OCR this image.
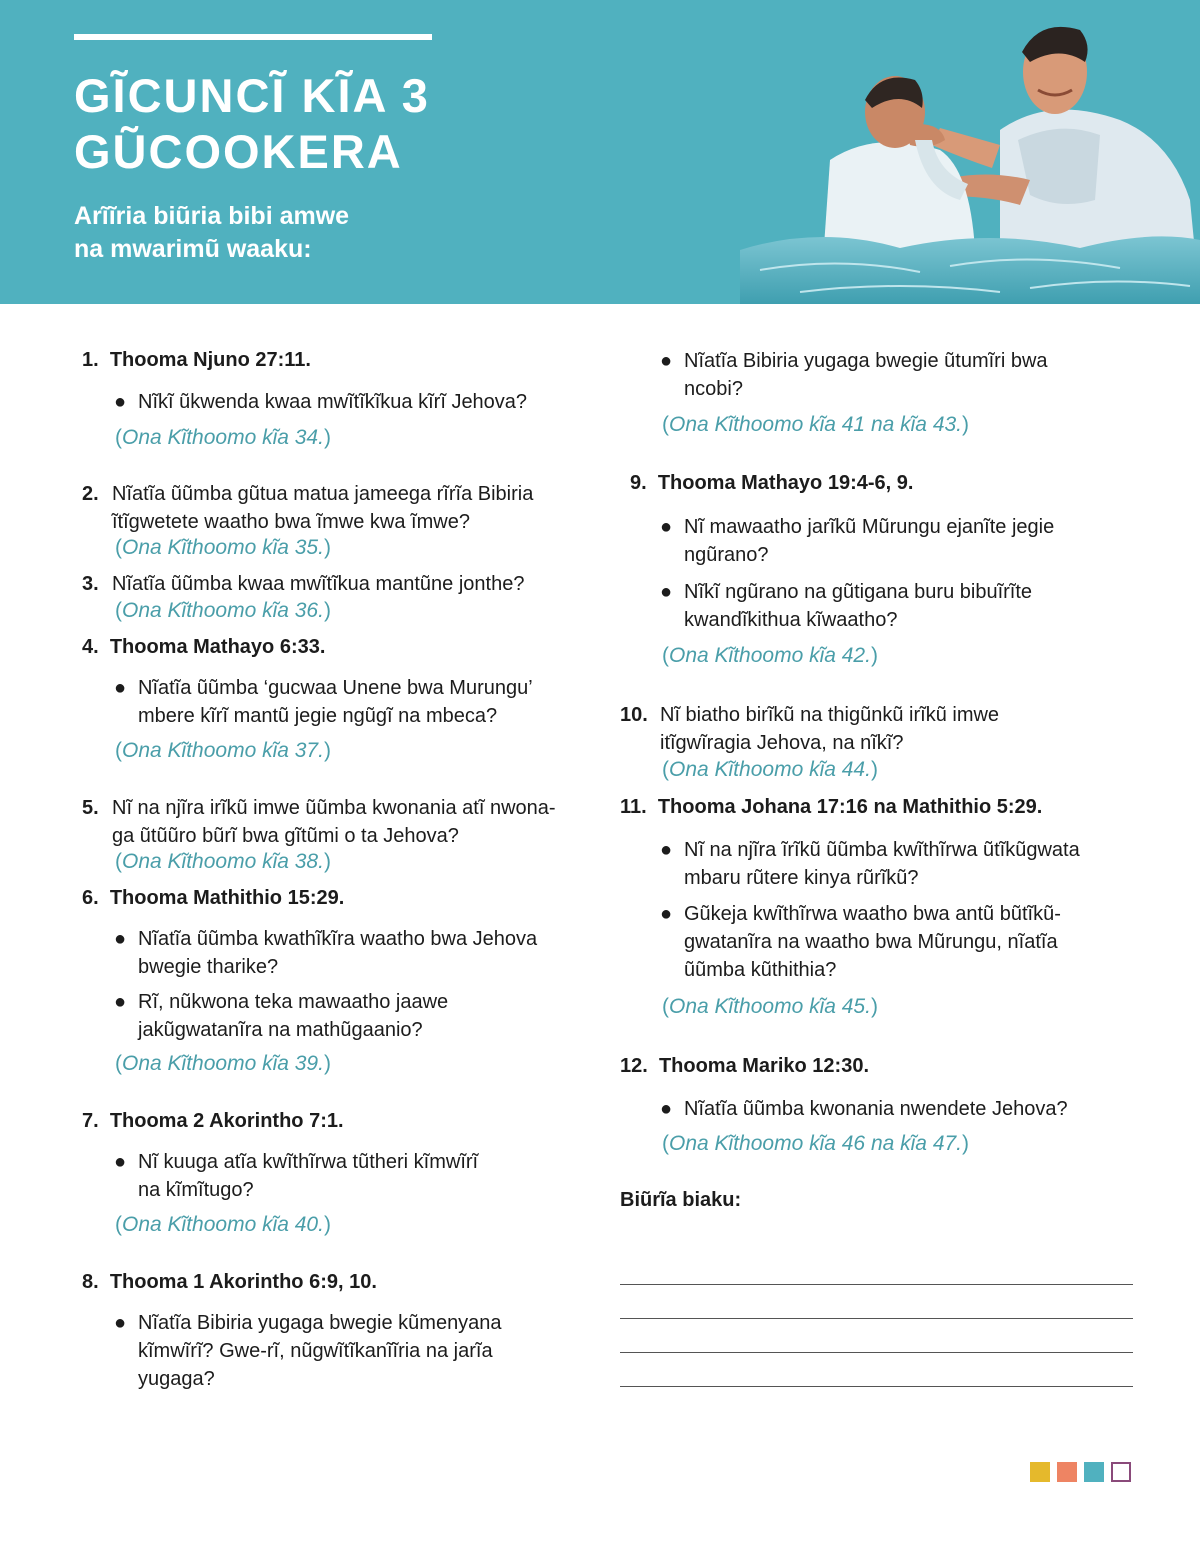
GĨCUNCĨ KĨA 3
GŨCOOKERA
Arĩĩria biũria bibi amwe
na mwarimũ waaku:
1. Thooma Njuno 27:11.
● Nĩkĩ ũkwenda kwaa mwĩtĩkĩkua kĩrĩ Jehova?
(Ona Kĩthoomo kĩa 34.)
2. Nĩatĩa ũũmba gũtua matua jameega rĩrĩa Bibiria
ĩtĩgwetete waatho bwa ĩmwe kwa ĩmwe?
(Ona Kĩthoomo kĩa 35.)
3. Nĩatĩa ũũmba kwaa mwĩtĩkua mantũne jonthe?
(Ona Kĩthoomo kĩa 36.)
4. Thooma Mathayo 6:33.
● Nĩatĩa ũũmba ‘gucwaa Unene bwa Murungu’
mbere kĩrĩ mantũ jegie ngũgĩ na mbeca?
(Ona Kĩthoomo kĩa 37.)
5. Nĩ na njĩra irĩkũ imwe ũũmba kwonania atĩ nwona-
ga ũtũũro bũrĩ bwa gĩtũmi o ta Jehova?
(Ona Kĩthoomo kĩa 38.)
6. Thooma Mathithio 15:29.
● Nĩatĩa ũũmba kwathĩkĩra waatho bwa Jehova
bwegie tharike?
● Rĩ, nũkwona teka mawaatho jaawe
jakũgwatanĩra na mathũgaanio?
(Ona Kĩthoomo kĩa 39.)
7. Thooma 2 Akorintho 7:1.
● Nĩ kuuga atĩa kwĩthĩrwa tũtheri kĩmwĩrĩ
na kĩmĩtugo?
(Ona Kĩthoomo kĩa 40.)
8. Thooma 1 Akorintho 6:9, 10.
● Nĩatĩa Bibiria yugaga bwegie kũmenyana
kĩmwĩrĩ? Gwe-rĩ, nũgwĩtĩkanĩĩria na jarĩa
yugaga?
● Nĩatĩa Bibiria yugaga bwegie ũtumĩri bwa
ncobi?
(Ona Kĩthoomo kĩa 41 na kĩa 43.)
9. Thooma Mathayo 19:4-6, 9.
● Nĩ mawaatho jarĩkũ Mũrungu ejanĩte jegie
ngũrano?
● Nĩkĩ ngũrano na gũtigana buru bibuĩrĩte
kwandĩkithua kĩwaatho?
(Ona Kĩthoomo kĩa 42.)
10. Nĩ biatho birĩkũ na thigũnkũ irĩkũ imwe
itĩgwĩragia Jehova, na nĩkĩ?
(Ona Kĩthoomo kĩa 44.)
11. Thooma Johana 17:16 na Mathithio 5:29.
● Nĩ na njĩra ĩrĩkũ ũũmba kwĩthĩrwa ũtĩkũgwata
mbaru rũtere kinya rũrĩkũ?
● Gũkeja kwĩthĩrwa waatho bwa antũ bũtĩkũ-
gwatanĩra na waatho bwa Mũrungu, nĩatĩa
ũũmba kũthithia?
(Ona Kĩthoomo kĩa 45.)
12. Thooma Mariko 12:30.
● Nĩatĩa ũũmba kwonania nwendete Jehova?
(Ona Kĩthoomo kĩa 46 na kĩa 47.)
Biũrĩa biaku:
